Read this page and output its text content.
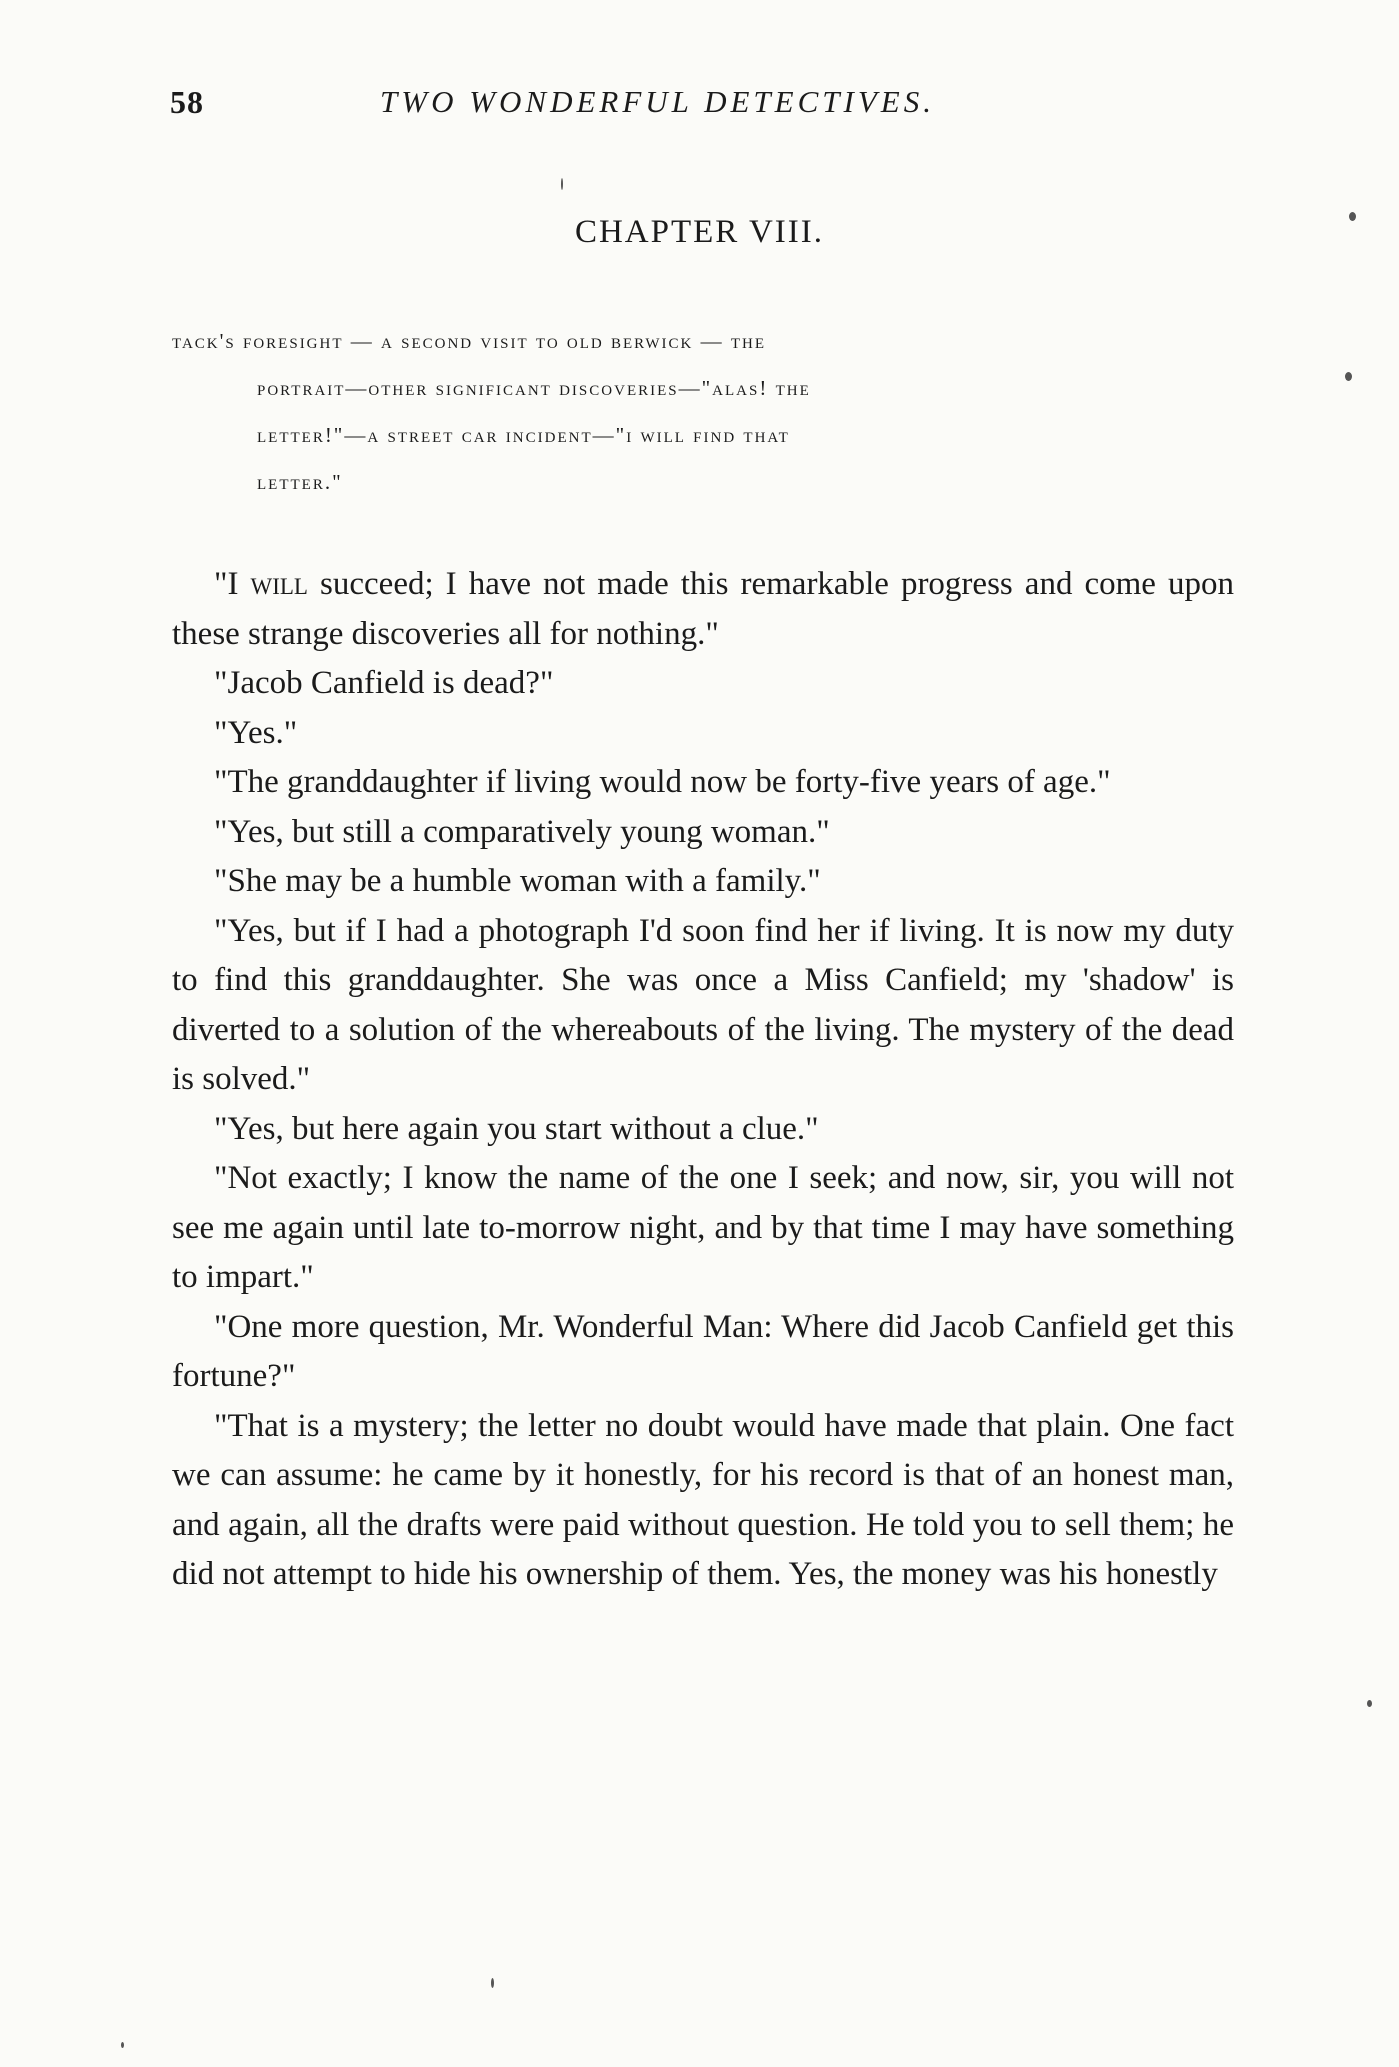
58	TWO WONDERFUL DETECTIVES.
CHAPTER VIII.
tack's foresight — a second visit to old berwick — the
portrait—other significant discoveries—"alas! the
letter!"—a street car incident—"i will find that
letter."

"I will succeed; I have not made this remarkable progress and come upon these strange discoveries all for nothing."

"Jacob Canfield is dead?"

"Yes."

"The granddaughter if living would now be forty-five years of age."

"Yes, but still a comparatively young woman."

"She may be a humble woman with a family."

"Yes, but if I had a photograph I'd soon find her if living. It is now my duty to find this granddaughter. She was once a Miss Canfield; my 'shadow' is diverted to a solution of the whereabouts of the living. The mystery of the dead is solved."

"Yes, but here again you start without a clue."

"Not exactly; I know the name of the one I seek; and now, sir, you will not see me again until late to-morrow night, and by that time I may have something to impart."

"One more question, Mr. Wonderful Man: Where did Jacob Canfield get this fortune?"

"That is a mystery; the letter no doubt would have made that plain. One fact we can assume: he came by it honestly, for his record is that of an honest man, and again, all the drafts were paid without question. He told you to sell them; he did not attempt to hide his ownership of them. Yes, the money was his honestly
